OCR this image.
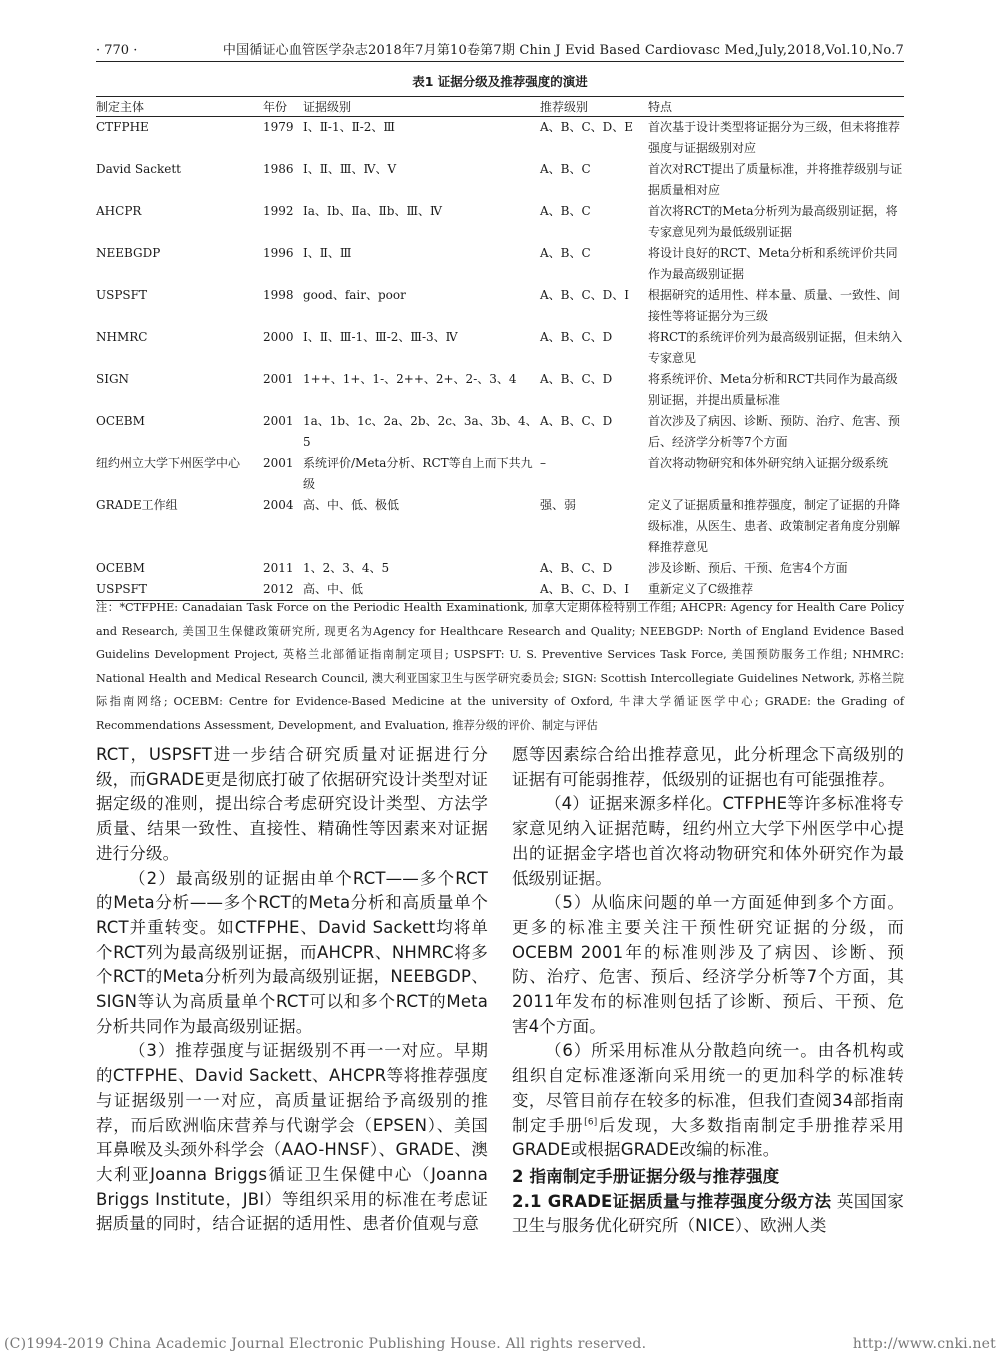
· 770 ·	中国循证心血管医学杂志2018年7月第10卷第7期 Chin J Evid Based Cardiovasc Med,July,2018,Vol.10,No.7
表1 证据分级及推荐强度的演进
制定主体	年份	证据级别	推荐级别	特点
CTFPHE	1979	Ⅰ、Ⅱ-1、Ⅱ-2、Ⅲ	A、B、C、D、E	首次基于设计类型将证据分为三级，但未将推荐强度与证据级别对应
David Sackett	1986	Ⅰ、Ⅱ、Ⅲ、Ⅳ、Ⅴ	A、B、C	首次对RCT提出了质量标准，并将推荐级别与证据质量相对应
AHCPR	1992	Ⅰa、Ⅰb、Ⅱa、Ⅱb、Ⅲ、Ⅳ	A、B、C	首次将RCT的Meta分析列为最高级别证据，将专家意见列为最低级别证据
NEEBGDP	1996	Ⅰ、Ⅱ、Ⅲ	A、B、C	将设计良好的RCT、Meta分析和系统评价共同作为最高级别证据
USPSFT	1998	good、fair、poor	A、B、C、D、I	根据研究的适用性、样本量、质量、一致性、间接性等将证据分为三级
NHMRC	2000	Ⅰ、Ⅱ、Ⅲ-1、Ⅲ-2、Ⅲ-3、Ⅳ	A、B、C、D	将RCT的系统评价列为最高级别证据，但未纳入专家意见
SIGN	2001	1++、1+、1-、2++、2+、2-、3、4	A、B、C、D	将系统评价、Meta分析和RCT共同作为最高级别证据，并提出质量标准
OCEBM	2001	1a、1b、1c、2a、2b、2c、3a、3b、4、5	A、B、C、D	首次涉及了病因、诊断、预防、治疗、危害、预后、经济学分析等7个方面
纽约州立大学下州医学中心	2001	系统评价/Meta分析、RCT等自上而下共九级	–	首次将动物研究和体外研究纳入证据分级系统
GRADE工作组	2004	高、中、低、极低	强、弱	定义了证据质量和推荐强度，制定了证据的升降级标准，从医生、患者、政策制定者角度分别解释推荐意见
OCEBM	2011	1、2、3、4、5	A、B、C、D	涉及诊断、预后、干预、危害4个方面
USPSFT	2012	高、中、低	A、B、C、D、I	重新定义了C级推荐
注：*CTFPHE: Canadaian Task Force on the Periodic Health Examinationk, 加拿大定期体检特别工作组; AHCPR: Agency for Health Care Policy and Research, 美国卫生保健政策研究所, 现更名为Agency for Healthcare Research and Quality; NEEBGDP: North of England Evidence Based Guidelins Development Project, 英格兰北部循证指南制定项目; USPSFT: U. S. Preventive Services Task Force, 美国预防服务工作组; NHMRC: National Health and Medical Research Council, 澳大利亚国家卫生与医学研究委员会; SIGN: Scottish Intercollegiate Guidelines Network, 苏格兰院际指南网络; OCEBM: Centre for Evidence-Based Medicine at the university of Oxford, 牛津大学循证医学中心; GRADE: the Grading of Recommendations Assessment, Development, and Evaluation, 推荐分级的评价、制定与评估

RCT，USPSFT进一步结合研究质量对证据进行分级，而GRADE更是彻底打破了依据研究设计类型对证据定级的准则，提出综合考虑研究设计类型、方法学质量、结果一致性、直接性、精确性等因素来对证据进行分级。

（2）最高级别的证据由单个RCT——多个RCT的Meta分析——多个RCT的Meta分析和高质量单个RCT并重转变。如CTFPHE、David Sackett均将单个RCT列为最高级别证据，而AHCPR、NHMRC将多个RCT的Meta分析列为最高级别证据，NEEBGDP、SIGN等认为高质量单个RCT可以和多个RCT的Meta分析共同作为最高级别证据。

（3）推荐强度与证据级别不再一一对应。早期的CTFPHE、David Sackett、AHCPR等将推荐强度与证据级别一一对应，高质量证据给予高级别的推荐，而后欧洲临床营养与代谢学会（EPSEN）、美国耳鼻喉及头颈外科学会（AAO-HNSF）、GRADE、澳大利亚Joanna Briggs循证卫生保健中心（Joanna Briggs Institute，JBI）等组织采用的标准在考虑证据质量的同时，结合证据的适用性、患者价值观与意

愿等因素综合给出推荐意见，此分析理念下高级别的证据有可能弱推荐，低级别的证据也有可能强推荐。

（4）证据来源多样化。CTFPHE等许多标准将专家意见纳入证据范畴，纽约州立大学下州医学中心提出的证据金字塔也首次将动物研究和体外研究作为最低级别证据。

（5）从临床问题的单一方面延伸到多个方面。更多的标准主要关注干预性研究证据的分级，而OCEBM 2001年的标准则涉及了病因、诊断、预防、治疗、危害、预后、经济学分析等7个方面，其2011年发布的标准则包括了诊断、预后、干预、危害4个方面。

（6）所采用标准从分散趋向统一。由各机构或组织自定标准逐渐向采用统一的更加科学的标准转变，尽管目前存在较多的标准，但我们查阅34部指南制定手册[6]后发现，大多数指南制定手册推荐采用GRADE或根据GRADE改编的标准。

2 指南制定手册证据分级与推荐强度

2.1 GRADE证据质量与推荐强度分级方法 英国国家卫生与服务优化研究所（NICE）、欧洲人类

(C)1994-2019 China Academic Journal Electronic Publishing House. All rights reserved.	http://www.cnki.net
